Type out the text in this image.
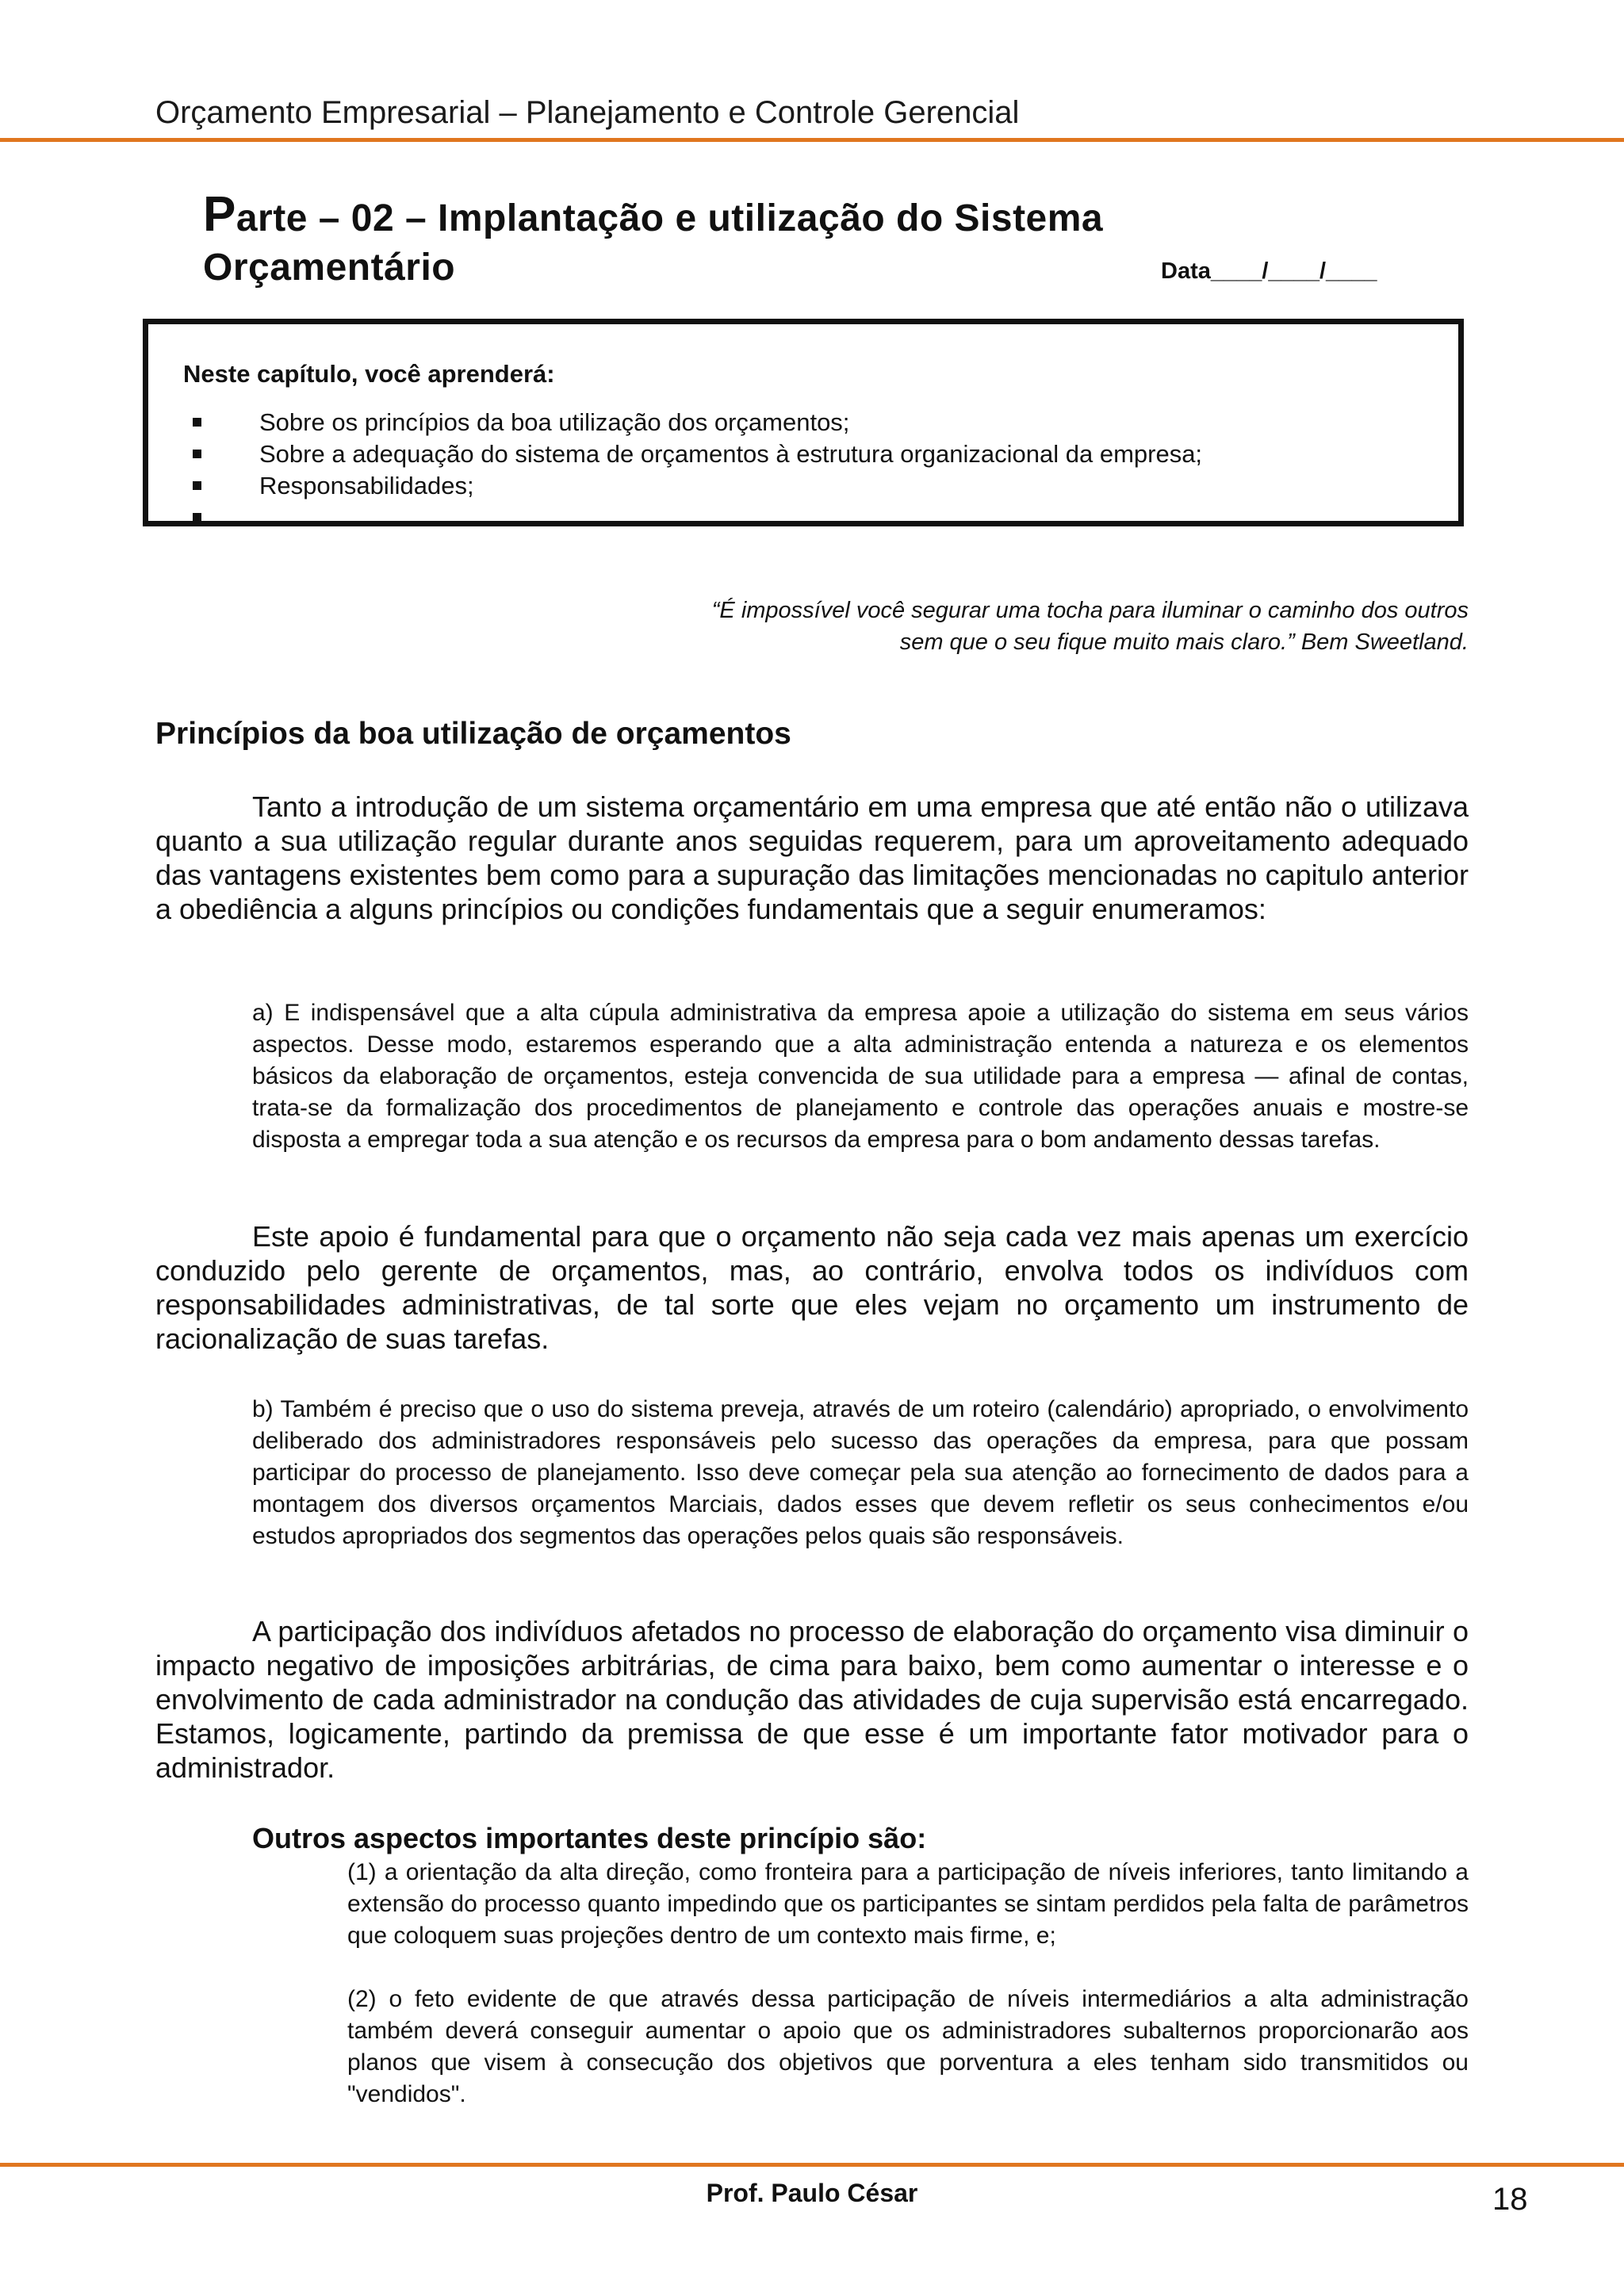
Orçamento Empresarial – Planejamento e Controle Gerencial
Parte – 02 – Implantação e utilização do Sistema
Orçamentário	Data____/____/____
Neste capítulo, você aprenderá:
Sobre os princípios da boa utilização dos orçamentos;
Sobre a adequação do sistema de orçamentos à estrutura organizacional da empresa;
Responsabilidades;
“É impossível você segurar uma tocha para iluminar o caminho dos outros
sem que o seu fique muito mais claro.” Bem Sweetland.
Princípios da boa utilização de orçamentos
Tanto a introdução de um sistema orçamentário em uma empresa que até então não o utilizava quanto a sua utilização regular durante anos seguidas requerem, para um aproveitamento adequado das vantagens existentes bem como para a supuração das limitações mencionadas no capitulo anterior a obediência a alguns princípios ou condições fundamentais que a seguir enumeramos:
a) E indispensável que a alta cúpula administrativa da empresa apoie a utilização do sistema em seus vários aspectos. Desse modo, estaremos esperando que a alta administração entenda a natureza e os elementos básicos da elaboração de orçamentos, esteja convencida de sua utilidade para a empresa — afinal de contas, trata-se da formalização dos procedimentos de planejamento e controle das operações anuais e mostre-se disposta a empregar toda a sua atenção e os recursos da empresa para o bom andamento dessas tarefas.
Este apoio é fundamental para que o orçamento não seja cada vez mais apenas um exercício conduzido pelo gerente de orçamentos, mas, ao contrário, envolva todos os indivíduos com responsabilidades administrativas, de tal sorte que eles vejam no orçamento um instrumento de racionalização de suas tarefas.
b) Também é preciso que o uso do sistema preveja, através de um roteiro (calendário) apropriado, o envolvimento deliberado dos administradores responsáveis pelo sucesso das operações da empresa, para que possam participar do processo de planejamento. Isso deve começar pela sua atenção ao fornecimento de dados para a montagem dos diversos orçamentos Marciais, dados esses que devem refletir os seus conhecimentos e/ou estudos apropriados dos segmentos das operações pelos quais são responsáveis.
A participação dos indivíduos afetados no processo de elaboração do orçamento visa diminuir o impacto negativo de imposições arbitrárias, de cima para baixo, bem como aumentar o interesse e o envolvimento de cada administrador na condução das atividades de cuja supervisão está encarregado. Estamos, logicamente, partindo da premissa de que esse é um importante fator motivador para o administrador.
Outros aspectos importantes deste princípio são:
(1) a orientação da alta direção, como fronteira para a participação de níveis inferiores, tanto limitando a extensão do processo quanto impedindo que os participantes se sintam perdidos pela falta de parâmetros que coloquem suas projeções dentro de um contexto mais firme, e;
(2) o feto evidente de que através dessa participação de níveis intermediários a alta administração também deverá conseguir aumentar o apoio que os administradores subalternos proporcionarão aos planos que visem à consecução dos objetivos que porventura a eles tenham sido transmitidos ou "vendidos".
Prof. Paulo César	18
